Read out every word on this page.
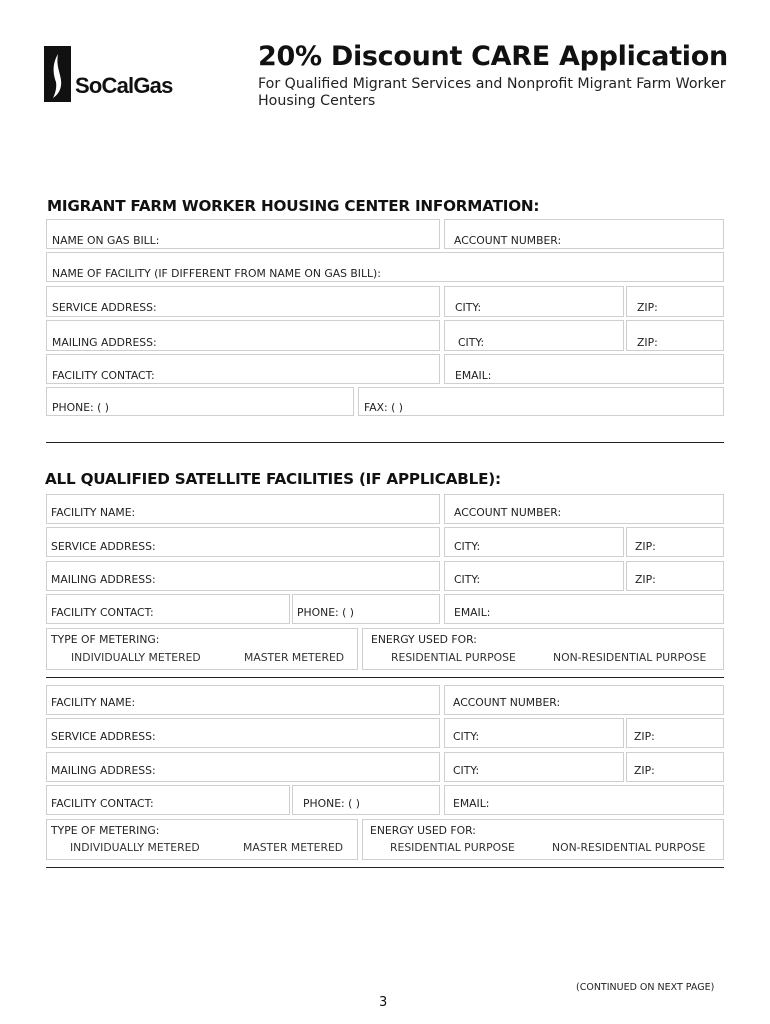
SoCalGas
20% Discount CARE Application
For Qualified Migrant Services and Nonprofit Migrant Farm Worker Housing Centers
MIGRANT FARM WORKER HOUSING CENTER INFORMATION:
NAME ON GAS BILL:	ACCOUNT NUMBER:
NAME OF FACILITY (IF DIFFERENT FROM NAME ON GAS BILL):
SERVICE ADDRESS:	CITY:	ZIP:
MAILING ADDRESS:	CITY:	ZIP:
FACILITY CONTACT:	EMAIL:
PHONE: ( )	FAX: ( )
ALL QUALIFIED SATELLITE FACILITIES (IF APPLICABLE):
FACILITY NAME:	ACCOUNT NUMBER:
SERVICE ADDRESS:	CITY:	ZIP:
MAILING ADDRESS:	CITY:	ZIP:
FACILITY CONTACT:	PHONE: ( )	EMAIL:
TYPE OF METERING:
INDIVIDUALLY METERED	MASTER METERED
ENERGY USED FOR:
RESIDENTIAL PURPOSE	NON-RESIDENTIAL PURPOSE
FACILITY NAME:	ACCOUNT NUMBER:
SERVICE ADDRESS:	CITY:	ZIP:
MAILING ADDRESS:	CITY:	ZIP:
FACILITY CONTACT:	PHONE: ( )	EMAIL:
TYPE OF METERING:
INDIVIDUALLY METERED	MASTER METERED
ENERGY USED FOR:
RESIDENTIAL PURPOSE	NON-RESIDENTIAL PURPOSE
(CONTINUED ON NEXT PAGE)
3
